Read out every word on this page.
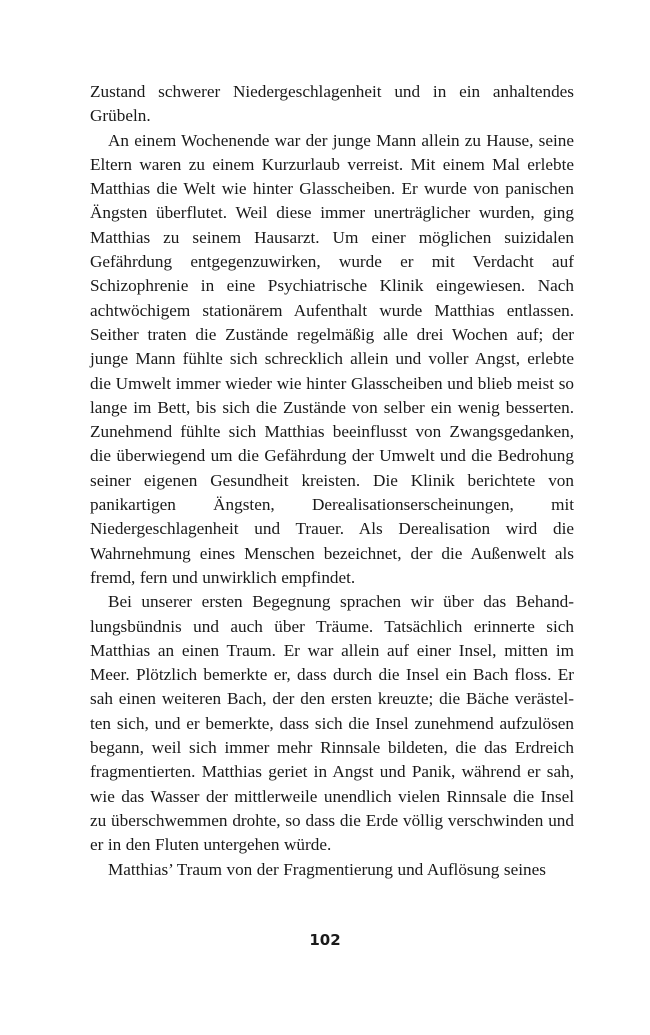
Zustand schwerer Niedergeschlagenheit und in ein anhaltendes Grübeln.

An einem Wochenende war der junge Mann allein zu Hause, seine Eltern waren zu einem Kurzurlaub verreist. Mit einem Mal erlebte Matthias die Welt wie hinter Glasscheiben. Er wurde von panischen Ängsten überflutet. Weil diese immer unerträglicher wurden, ging Matthias zu seinem Hausarzt. Um einer möglichen suizidalen Gefährdung entgegenzuwirken, wurde er mit Verdacht auf Schizophrenie in eine Psychiatrische Klinik eingewiesen. Nach achtwöchigem stationärem Aufenthalt wurde Matthias entlassen. Seither traten die Zustände regelmäßig alle drei Wochen auf; der junge Mann fühlte sich schrecklich allein und voller Angst, erlebte die Umwelt immer wieder wie hinter Glasscheiben und blieb meist so lange im Bett, bis sich die Zustände von selber ein wenig besserten. Zunehmend fühlte sich Matthias beeinflusst von Zwangsgedanken, die überwiegend um die Gefährdung der Umwelt und die Bedrohung seiner eigenen Gesundheit kreisten. Die Klinik berichtete von panikartigen Ängsten, Derealisationserscheinungen, mit Niedergeschlagenheit und Trauer. Als Derealisation wird die Wahrnehmung eines Menschen bezeichnet, der die Außenwelt als fremd, fern und unwirklich empfindet.

Bei unserer ersten Begegnung sprachen wir über das Behandlungsbündnis und auch über Träume. Tatsächlich erinnerte sich Matthias an einen Traum. Er war allein auf einer Insel, mitten im Meer. Plötzlich bemerkte er, dass durch die Insel ein Bach floss. Er sah einen weiteren Bach, der den ersten kreuzte; die Bäche verästelten sich, und er bemerkte, dass sich die Insel zunehmend aufzulösen begann, weil sich immer mehr Rinnsale bildeten, die das Erdreich fragmentierten. Matthias geriet in Angst und Panik, während er sah, wie das Wasser der mittlerweile unendlich vielen Rinnsale die Insel zu überschwemmen drohte, so dass die Erde völlig verschwinden und er in den Fluten untergehen würde.

Matthias’ Traum von der Fragmentierung und Auflösung seines

102
